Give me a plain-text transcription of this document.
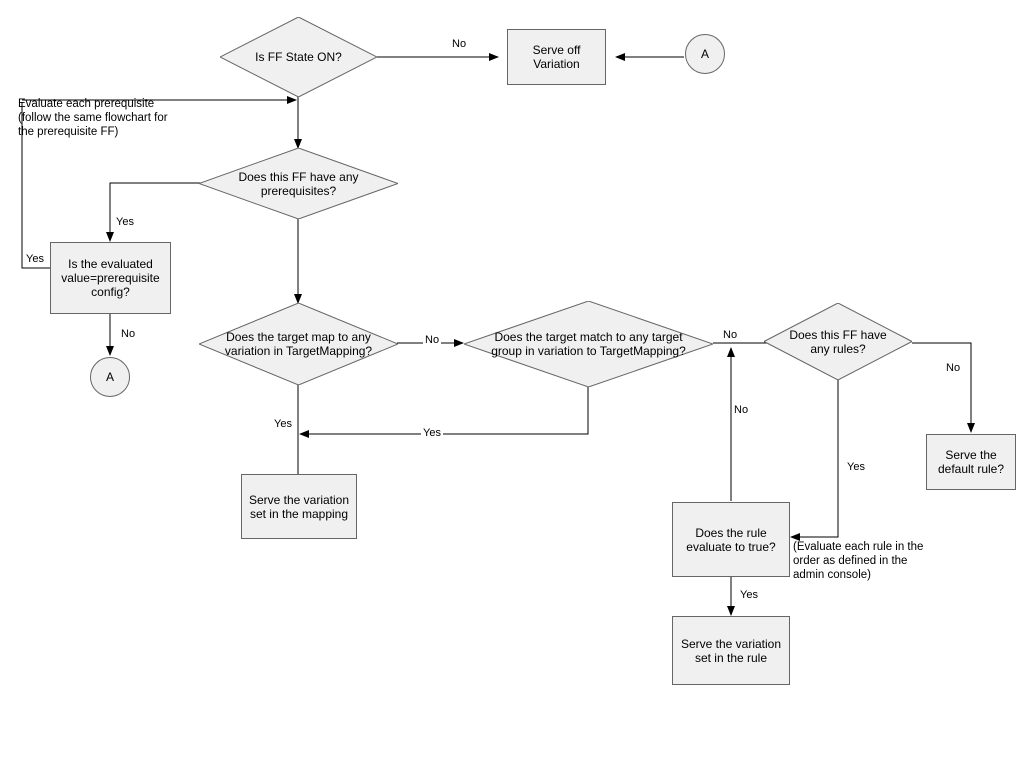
Is FF State ON?	Serve off Variation
A
Does this FF have any prerequisites?
Is the evaluated value=prerequisite config?
A
Does the target map to any variation in TargetMapping?
Does the target match to any target group in variation to TargetMapping?
Does this FF have any rules?
Serve the default rule?
Serve the variation set in the mapping
Does the rule evaluate to true?
Serve the variation set in the rule
No
Yes
Yes
No	No
Yes
Yes
No
No
Yes
No
Yes
Evaluate each prerequisite (follow the same flowchart for the prerequisite FF)
(Evaluate each rule in the order as defined in the admin console)
